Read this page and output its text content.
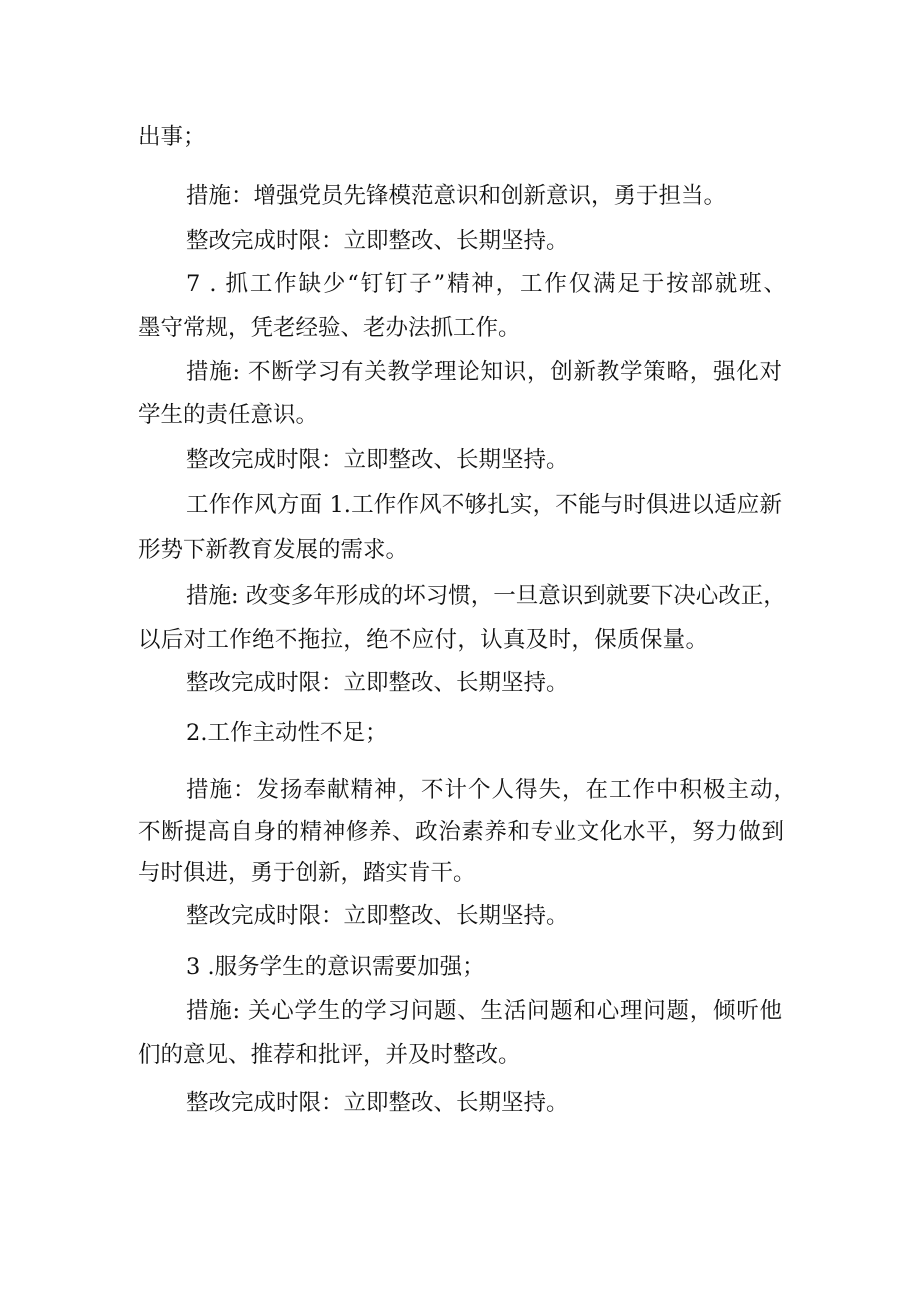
出事；
措施：增强党员先锋模范意识和创新意识，勇于担当。
整改完成时限：立即整改、长期坚持。
7 . 抓工作缺少“钉钉子”精神，工作仅满足于按部就班、
墨守常规，凭老经验、老办法抓工作。
措施: 不断学习有关教学理论知识，创新教学策略，强化对
学生的责任意识。
整改完成时限：立即整改、长期坚持。
工作作风方面 1.工作作风不够扎实，不能与时俱进以适应新
形势下新教育发展的需求。
措施: 改变多年形成的坏习惯，一旦意识到就要下决心改正，
以后对工作绝不拖拉，绝不应付，认真及时，保质保量。
整改完成时限：立即整改、长期坚持。
2.工作主动性不足；
措施：发扬奉献精神，不计个人得失，在工作中积极主动，
不断提高自身的精神修养、政治素养和专业文化水平，努力做到
与时俱进，勇于创新，踏实肯干。
整改完成时限：立即整改、长期坚持。
3 .服务学生的意识需要加强；
措施: 关心学生的学习问题、生活问题和心理问题，倾听他
们的意见、推荐和批评，并及时整改。
整改完成时限：立即整改、长期坚持。
